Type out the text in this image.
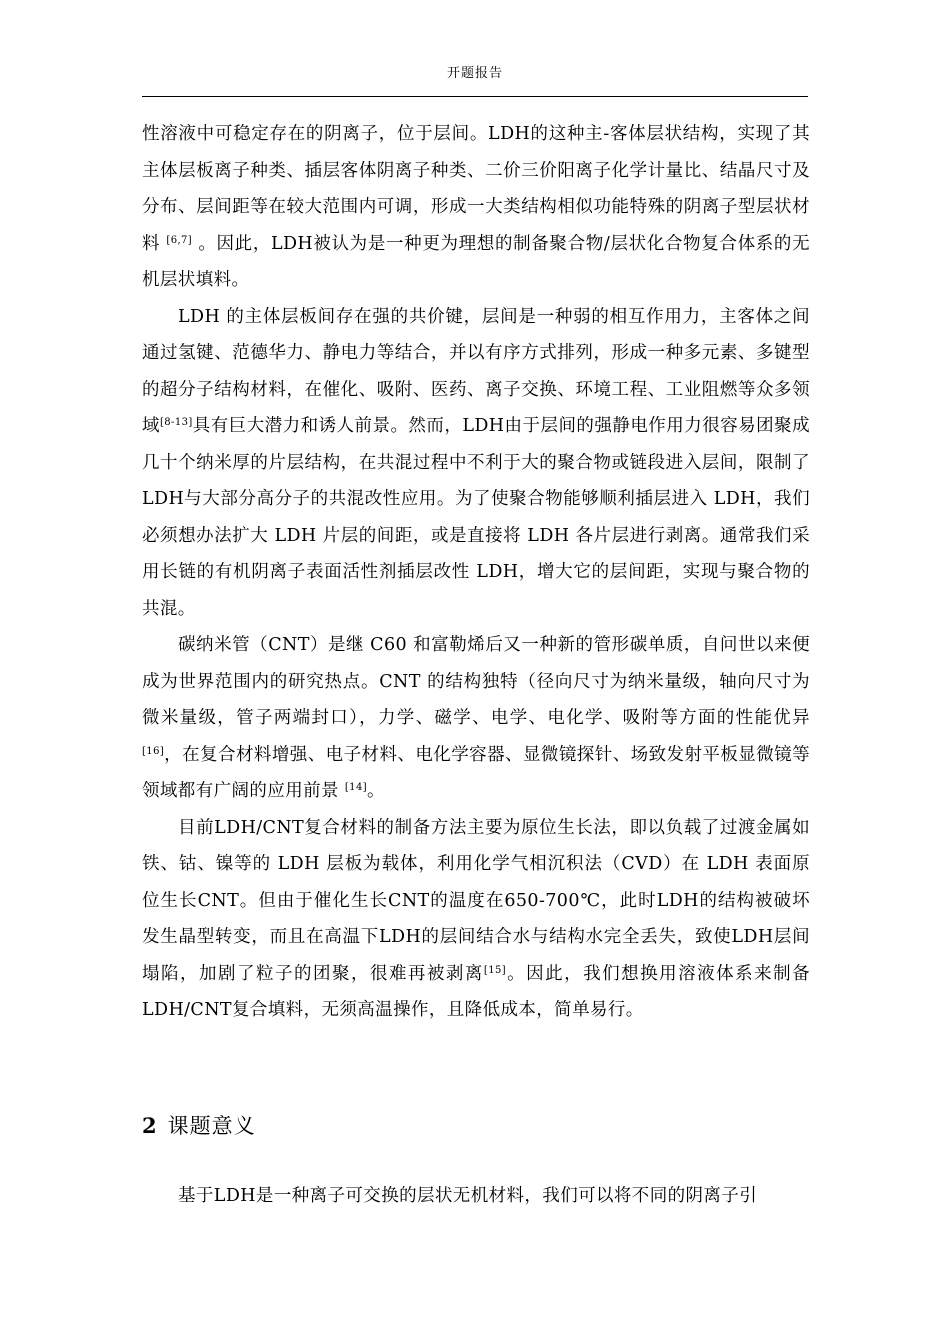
开题报告

性溶液中可稳定存在的阴离子，位于层间。LDH的这种主-客体层状结构，实现了其主体层板离子种类、插层客体阴离子种类、二价三价阳离子化学计量比、结晶尺寸及分布、层间距等在较大范围内可调，形成一大类结构相似功能特殊的阴离子型层状材料 [6,7] 。因此，LDH被认为是一种更为理想的制备聚合物/层状化合物复合体系的无机层状填料。

LDH 的主体层板间存在强的共价键，层间是一种弱的相互作用力，主客体之间通过氢键、范德华力、静电力等结合，并以有序方式排列，形成一种多元素、多键型的超分子结构材料，在催化、吸附、医药、离子交换、环境工程、工业阻燃等众多领域[8-13]具有巨大潜力和诱人前景。然而，LDH由于层间的强静电作用力很容易团聚成几十个纳米厚的片层结构，在共混过程中不利于大的聚合物或链段进入层间，限制了LDH与大部分高分子的共混改性应用。为了使聚合物能够顺利插层进入 LDH，我们必须想办法扩大 LDH 片层的间距，或是直接将 LDH 各片层进行剥离。通常我们采用长链的有机阴离子表面活性剂插层改性 LDH，增大它的层间距，实现与聚合物的共混。

碳纳米管（CNT）是继 C60 和富勒烯后又一种新的管形碳单质，自问世以来便成为世界范围内的研究热点。CNT 的结构独特（径向尺寸为纳米量级，轴向尺寸为微米量级，管子两端封口），力学、磁学、电学、电化学、吸附等方面的性能优异[16]，在复合材料增强、电子材料、电化学容器、显微镜探针、场致发射平板显微镜等领域都有广阔的应用前景 [14]。

目前LDH/CNT复合材料的制备方法主要为原位生长法，即以负载了过渡金属如铁、钴、镍等的 LDH 层板为载体，利用化学气相沉积法（CVD）在 LDH 表面原位生长CNT。但由于催化生长CNT的温度在650-700℃，此时LDH的结构被破坏发生晶型转变，而且在高温下LDH的层间结合水与结构水完全丢失，致使LDH层间塌陷，加剧了粒子的团聚，很难再被剥离[15]。因此，我们想换用溶液体系来制备LDH/CNT复合填料，无须高温操作，且降低成本，简单易行。

2 课题意义

基于LDH是一种离子可交换的层状无机材料，我们可以将不同的阴离子引
